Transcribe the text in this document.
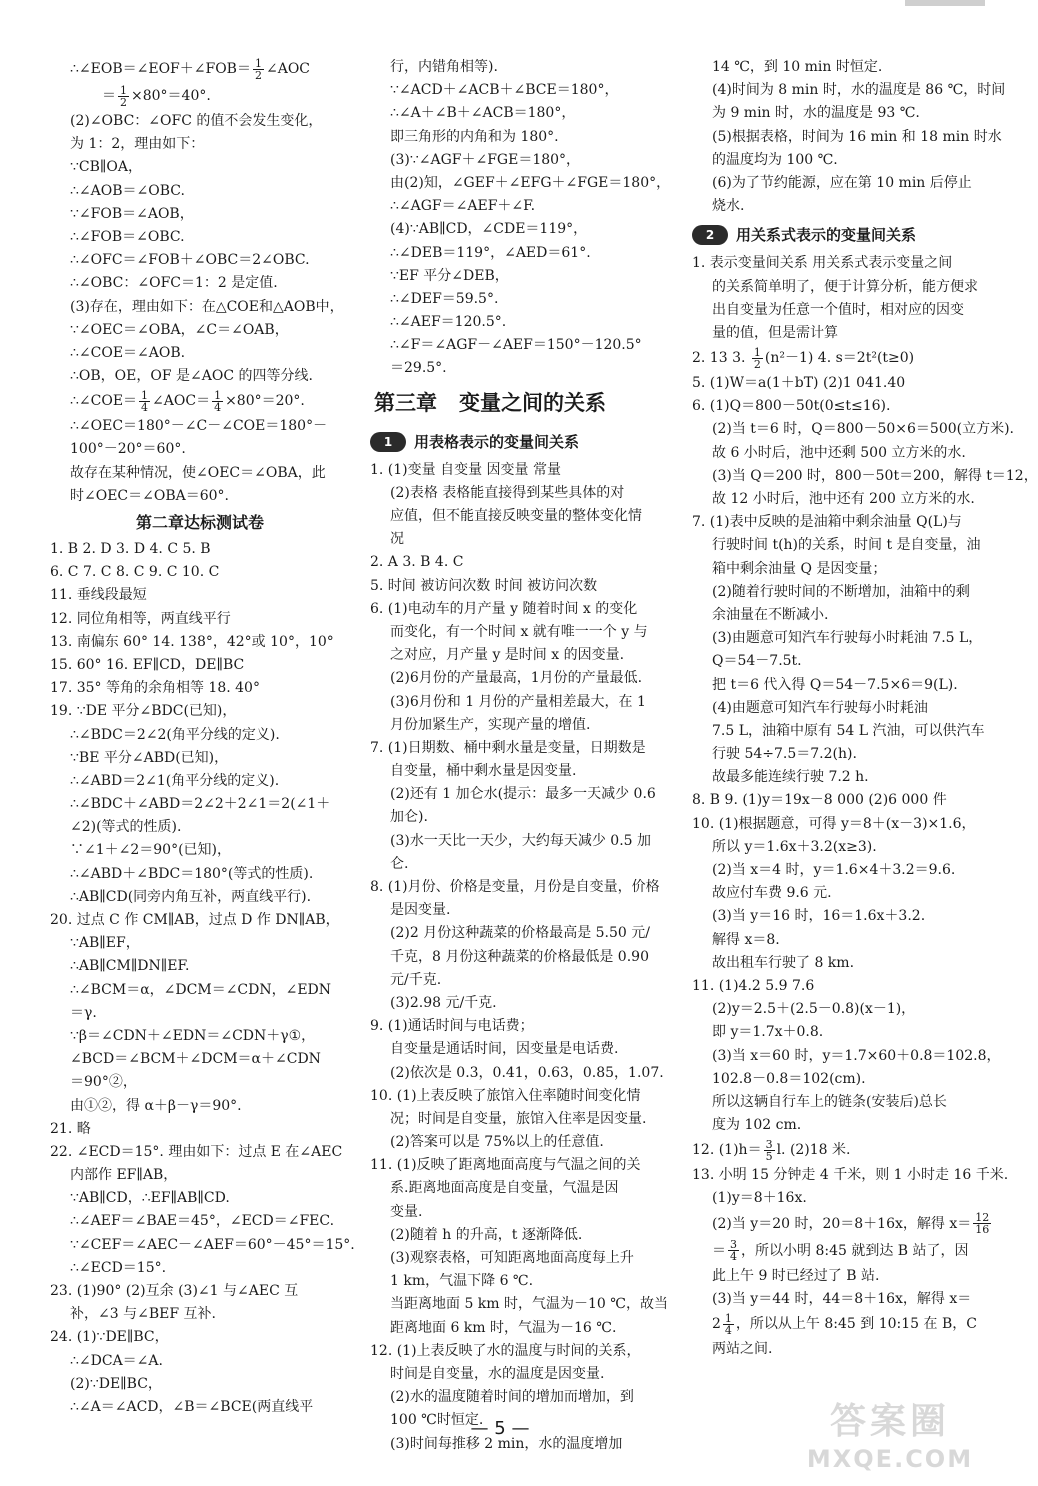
∴∠EOB＝∠EOF＋∠FOB＝ $\frac{1}{2}$ ∠AOC
＝ $\frac{1}{2} \times 80^\circ=40^\circ$.
(2)∠OBC：∠OFC 的值不会发生变化，
为 1：2，理由如下：
∵CB∥OA，
∴∠AOB＝∠OBC.
∵∠FOB＝∠AOB，
∴∠FOB＝∠OBC.
∴∠OFC＝∠FOB＋∠OBC＝2∠OBC.
∴∠OBC：∠OFC＝1：2 是定值.
(3)存在，理由如下：在△COE和△AOB中，
∵∠OEC＝∠OBA，∠C＝∠OAB，
∴∠COE＝∠AOB.
∴OB，OE，OF 是∠AOC 的四等分线.
∴∠COE＝ $\frac{1}{4}$ ∠AOC＝ $\frac{1}{4} \times 80^\circ=20^\circ$.
∴∠OEC＝180°－∠C－∠COE＝180°－
100°－20°＝60°.
故存在某种情况，使∠OEC＝∠OBA，此
时∠OEC＝∠OBA＝60°.
第二章达标测试卷
1. B 2. D 3. D 4. C 5. B
6. C 7. C 8. C 9. C 10. C
11. 垂线段最短
12. 同位角相等，两直线平行
13. 南偏东 60° 14. 138°，42°或 10°，10°
15. 60° 16. EF∥CD，DE∥BC
17. 35° 等角的余角相等 18. 40°
19. ∵DE 平分∠BDC(已知)，
∴∠BDC＝2∠2(角平分线的定义).
∵BE 平分∠ABD(已知)，
∴∠ABD＝2∠1(角平分线的定义).
∴∠BDC＋∠ABD＝2∠2＋2∠1＝2(∠1＋
∠2)(等式的性质).
∵∠1＋∠2＝90°(已知)，
∴∠ABD＋∠BDC＝180°(等式的性质).
∴AB∥CD(同旁内角互补，两直线平行).
20. 过点 C 作 CM∥AB，过点 D 作 DN∥AB，
∵AB∥EF，
∴AB∥CM∥DN∥EF.
∴∠BCM＝α，∠DCM＝∠CDN，∠EDN
＝γ.
∵β＝∠CDN＋∠EDN＝∠CDN＋γ①，
∠BCD＝∠BCM＋∠DCM＝α＋∠CDN
＝90°②，
由①②，得 α＋β－γ＝90°.
21. 略
22. ∠ECD＝15°. 理由如下：过点 E 在∠AEC
内部作 EF∥AB，
∵AB∥CD，∴EF∥AB∥CD.
∴∠AEF＝∠BAE＝45°，∠ECD＝∠FEC.
∵∠CEF＝∠AEC－∠AEF＝60°－45°＝15°.
∴∠ECD＝15°.
23. (1)90° (2)互余 (3)∠1 与∠AEC 互
补，∠3 与∠BEF 互补.
24. (1)∵DE∥BC，
∴∠DCA＝∠A.
(2)∵DE∥BC，
∴∠A＝∠ACD，∠B＝∠BCE(两直线平
行，内错角相等).
∵∠ACD＋∠ACB＋∠BCE＝180°，
∴∠A＋∠B＋∠ACB＝180°，
即三角形的内角和为 180°.
(3)∵∠AGF＋∠FGE＝180°，
由(2)知，∠GEF＋∠EFG＋∠FGE＝180°，
∴∠AGF＝∠AEF＋∠F.
(4)∵AB∥CD，∠CDE＝119°，
∴∠DEB＝119°，∠AED＝61°.
∵EF 平分∠DEB，
∴∠DEF＝59.5°.
∴∠AEF＝120.5°.
∴∠F＝∠AGF－∠AEF＝150°－120.5°
＝29.5°.
第三章 变量之间的关系
1	用表格表示的变量间关系
1. (1)变量 自变量 因变量 常量
(2)表格 表格能直接得到某些具体的对
应值，但不能直接反映变量的整体变化情
况
2. A 3. B 4. C
5. 时间 被访问次数 时间 被访问次数
6. (1)电动车的月产量 y 随着时间 x 的变化
而变化，有一个时间 x 就有唯一一个 y 与
之对应，月产量 y 是时间 x 的因变量.
(2)6月份的产量最高，1月份的产量最低.
(3)6月份和 1 月份的产量相差最大，在 1
月份加紧生产，实现产量的增值.
7. (1)日期数、桶中剩水量是变量，日期数是
自变量，桶中剩水量是因变量.
(2)还有 1 加仑水(提示：最多一天减少 0.6
加仑).
(3)水一天比一天少，大约每天减少 0.5 加
仑.
8. (1)月份、价格是变量，月份是自变量，价格
是因变量.
(2)2 月份这种蔬菜的价格最高是 5.50 元/
千克，8 月份这种蔬菜的价格最低是 0.90
元/千克.
(3)2.98 元/千克.
9. (1)通话时间与电话费；
自变量是通话时间，因变量是电话费.
(2)依次是 0.3，0.41，0.63，0.85，1.07.
10. (1)上表反映了旅馆入住率随时间变化情
况；时间是自变量，旅馆入住率是因变量.
(2)答案可以是 75%以上的任意值.
11. (1)反映了距离地面高度与气温之间的关
系.距离地面高度是自变量，气温是因
变量.
(2)随着 h 的升高，t 逐渐降低.
(3)观察表格，可知距离地面高度每上升
1 km，气温下降 6 ℃.
当距离地面 5 km 时，气温为－10 ℃，故当
距离地面 6 km 时，气温为－16 ℃.
12. (1)上表反映了水的温度与时间的关系，
时间是自变量，水的温度是因变量.
(2)水的温度随着时间的增加而增加，到
100 ℃时恒定.
(3)时间每推移 2 min，水的温度增加
14 ℃，到 10 min 时恒定.
(4)时间为 8 min 时，水的温度是 86 ℃，时间
为 9 min 时，水的温度是 93 ℃.
(5)根据表格，时间为 16 min 和 18 min 时水
的温度均为 100 ℃.
(6)为了节约能源，应在第 10 min 后停止
烧水.
2	用关系式表示的变量间关系
1. 表示变量间关系 用关系式表示变量之间
的关系简单明了，便于计算分析，能方便求
出自变量为任意一个值时，相对应的因变
量的值，但是需计算
2. 13 3. $\frac{1}{2} (n^2-1)$ 4. s＝2t²(t≥0)
5. (1)W＝a(1＋bT) (2)1 041.40
6. (1)Q＝800－50t(0≤t≤16).
(2)当 t＝6 时，Q＝800－50×6＝500(立方米).
故 6 小时后，池中还剩 500 立方米的水.
(3)当 Q＝200 时，800－50t＝200，解得 t＝12，
故 12 小时后，池中还有 200 立方米的水.
7. (1)表中反映的是油箱中剩余油量 Q(L)与
行驶时间 t(h)的关系，时间 t 是自变量，油
箱中剩余油量 Q 是因变量；
(2)随着行驶时间的不断增加，油箱中的剩
余油量在不断减小.
(3)由题意可知汽车行驶每小时耗油 7.5 L，
Q＝54－7.5t.
把 t＝6 代入得 Q＝54－7.5×6＝9(L).
(4)由题意可知汽车行驶每小时耗油
7.5 L，油箱中原有 54 L 汽油，可以供汽车
行驶 54÷7.5＝7.2(h).
故最多能连续行驶 7.2 h.
8. B 9. (1)y＝19x－8 000 (2)6 000 件
10. (1)根据题意，可得 y＝8＋(x－3)×1.6，
所以 y＝1.6x＋3.2(x≥3).
(2)当 x＝4 时，y＝1.6×4＋3.2＝9.6.
故应付车费 9.6 元.
(3)当 y＝16 时，16＝1.6x＋3.2.
解得 x＝8.
故出租车行驶了 8 km.
11. (1)4.2 5.9 7.6
(2)y＝2.5＋(2.5－0.8)(x－1)，
即 y＝1.7x＋0.8.
(3)当 x＝60 时，y＝1.7×60＋0.8＝102.8，
102.8－0.8＝102(cm).
所以这辆自行车上的链条(安装后)总长
度为 102 cm.
12. $(1)h= \frac{3}{5} l$. (2)18 米.
13. 小明 15 分钟走 4 千米，则 1 小时走 16 千米.
(1)y＝8＋16x.
(2)当 y＝20 时，20＝8＋16x，解得 $x= \frac{12}{16}$
＝ $\frac{3}{4}$ ，所以小明 8:45 就到达 B 站了，因
此上午 9 时已经过了 B 站.
(3)当 y＝44 时，44＝8＋16x，解得 x＝
$2 \frac{1}{4}$ ，所以从上午 8:45 到 10:15 在 B，C
两站之间.
— 5 —	答案圈
MXQE.COM
